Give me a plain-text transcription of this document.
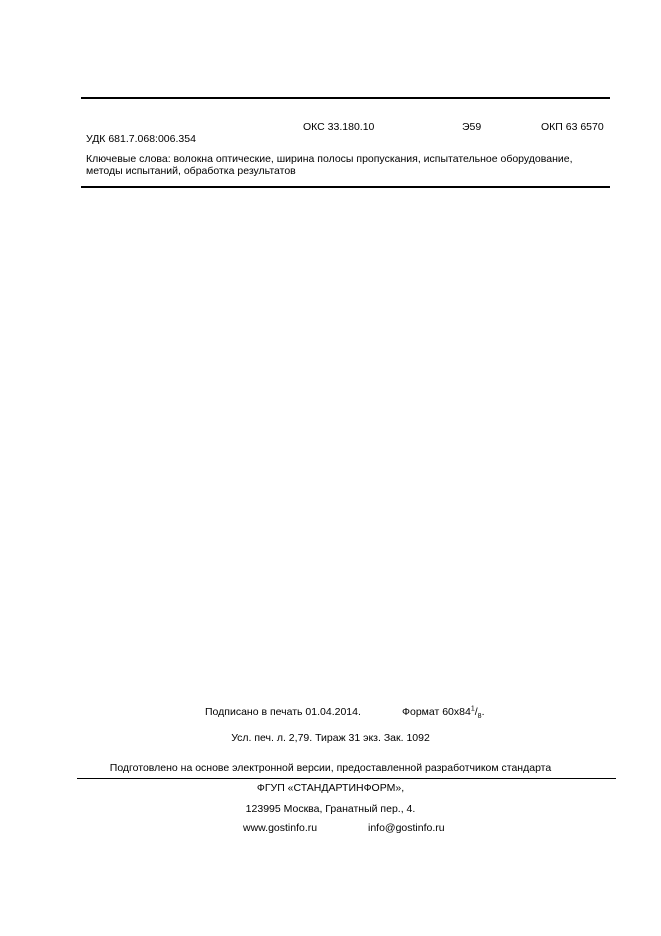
ОКС 33.180.10	Э59	ОКП 63 6570
УДК 681.7.068:006.354
Ключевые слова: волокна оптические, ширина полосы пропускания, испытательное оборудование, методы испытаний, обработка результатов
Подписано в печать 01.04.2014.	Формат $60х84^1/_8$.
Усл. печ. л. 2,79. Тираж 31 экз. Зак. 1092
Подготовлено на основе электронной версии, предоставленной разработчиком стандарта
ФГУП «СТАНДАРТИНФОРМ»,
123995 Москва, Гранатный пер., 4.
www.gostinfo.ru	info@gostinfo.ru
